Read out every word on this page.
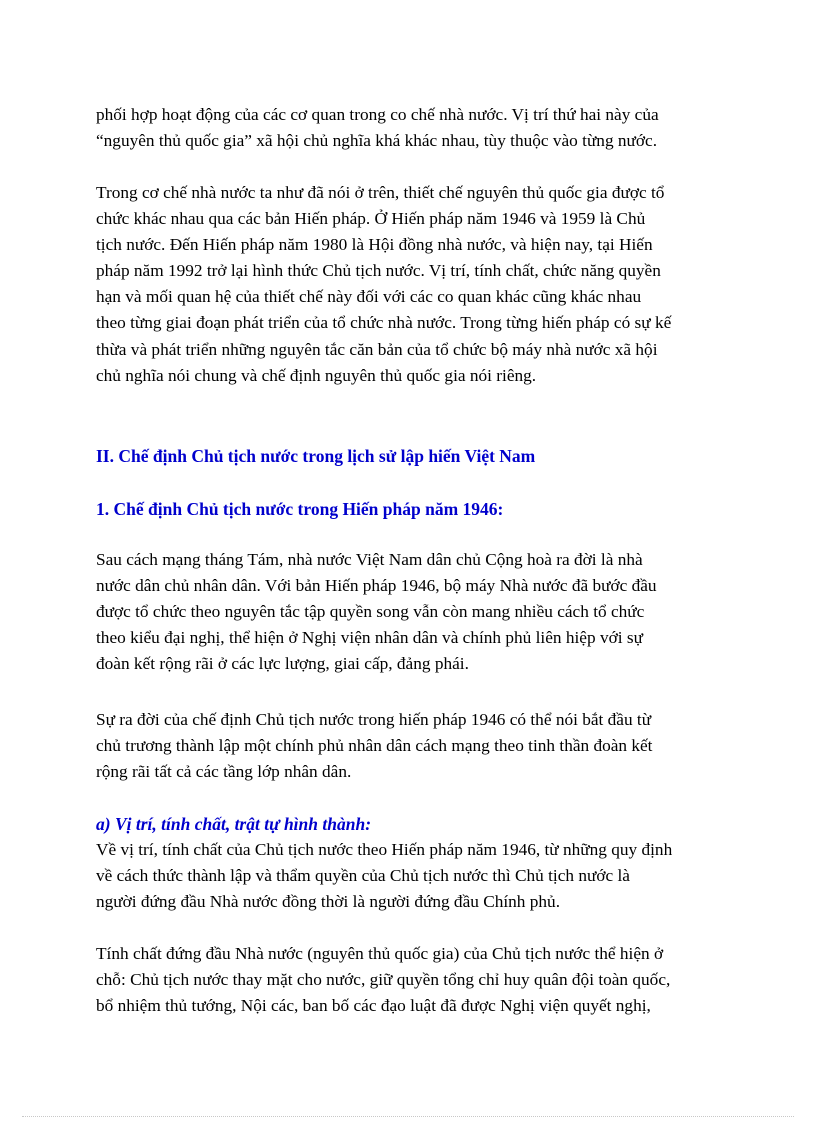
phối hợp hoạt động của các cơ quan trong co chế nhà nước. Vị trí thứ hai này của
“nguyên thủ quốc gia” xã hội chủ nghĩa khá khác nhau, tùy thuộc vào từng nước.

Trong cơ chế nhà nước ta như đã nói ở trên, thiết chế nguyên thủ quốc gia được tổ
chức khác nhau qua các bản Hiến pháp. Ở Hiến pháp năm 1946 và 1959 là Chủ
tịch nước. Đến Hiến pháp năm 1980 là Hội đồng nhà nước, và hiện nay, tại Hiến
pháp năm 1992 trở lại hình thức Chủ tịch nước. Vị trí, tính chất, chức năng quyền
hạn và mối quan hệ của thiết chế này đối với các co quan khác cũng khác nhau
theo từng giai đoạn phát triển của tổ chức nhà nước. Trong từng hiến pháp có sự kế
thừa và phát triển những nguyên tắc căn bản của tổ chức bộ máy nhà nước xã hội
chủ nghĩa nói chung và chế định nguyên thủ quốc gia nói riêng.

II. Chế định Chủ tịch nước trong lịch sử lập hiến Việt Nam
1. Chế định Chủ tịch nước trong Hiến pháp năm 1946:

Sau cách mạng tháng Tám, nhà nước Việt Nam dân chủ Cộng hoà ra đời là nhà
nước dân chủ nhân dân. Với bản Hiến pháp 1946, bộ máy Nhà nước đã bước đầu
được tổ chức theo nguyên tắc tập quyền song vẫn còn mang nhiều cách tổ chức
theo kiểu đại nghị, thể hiện ở Nghị viện nhân dân và chính phủ liên hiệp với sự
đoàn kết rộng rãi ở các lực lượng, giai cấp, đảng phái.

Sự ra đời của chế định Chủ tịch nước trong hiến pháp 1946 có thể nói bắt đầu từ
chủ trương thành lập một chính phủ nhân dân cách mạng theo tinh thần đoàn kết
rộng rãi tất cả các tầng lớp nhân dân.

a) Vị trí, tính chất, trật tự hình thành:

Về vị trí, tính chất của Chủ tịch nước theo Hiến pháp năm 1946, từ những quy định
về cách thức thành lập và thẩm quyền của Chủ tịch nước thì Chủ tịch nước là
người đứng đầu Nhà nước đồng thời là người đứng đầu Chính phủ.

Tính chất đứng đầu Nhà nước (nguyên thủ quốc gia) của Chủ tịch nước thể hiện ở
chỗ: Chủ tịch nước thay mặt cho nước, giữ quyền tổng chỉ huy quân đội toàn quốc,
bổ nhiệm thủ tướng, Nội các, ban bố các đạo luật đã được Nghị viện quyết nghị,
